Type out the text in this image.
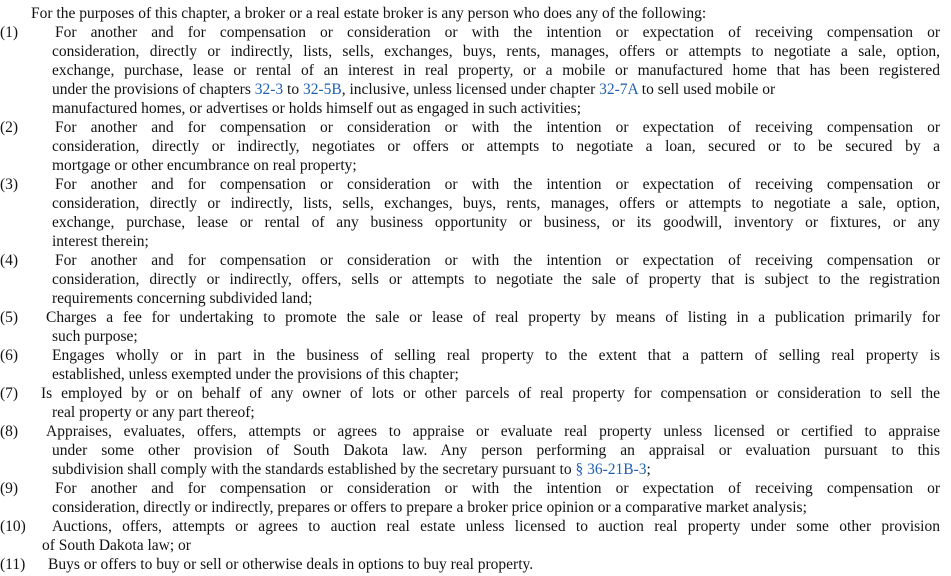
For the purposes of this chapter, a broker or a real estate broker is any person who does any of the following:
(1) For another and for compensation or consideration or with the intention or expectation of receiving compensation or
consideration, directly or indirectly, lists, sells, exchanges, buys, rents, manages, offers or attempts to negotiate a sale, option,
exchange, purchase, lease or rental of an interest in real property, or a mobile or manufactured home that has been registered
under the provisions of chapters 32-3 to 32-5B, inclusive, unless licensed under chapter 32-7A to sell used mobile or
manufactured homes, or advertises or holds himself out as engaged in such activities;
(2) For another and for compensation or consideration or with the intention or expectation of receiving compensation or
consideration, directly or indirectly, negotiates or offers or attempts to negotiate a loan, secured or to be secured by a
mortgage or other encumbrance on real property;
(3) For another and for compensation or consideration or with the intention or expectation of receiving compensation or
consideration, directly or indirectly, lists, sells, exchanges, buys, rents, manages, offers or attempts to negotiate a sale, option,
exchange, purchase, lease or rental of any business opportunity or business, or its goodwill, inventory or fixtures, or any
interest therein;
(4) For another and for compensation or consideration or with the intention or expectation of receiving compensation or
consideration, directly or indirectly, offers, sells or attempts to negotiate the sale of property that is subject to the registration
requirements concerning subdivided land;
(5) Charges a fee for undertaking to promote the sale or lease of real property by means of listing in a publication primarily for
such purpose;
(6) Engages wholly or in part in the business of selling real property to the extent that a pattern of selling real property is
established, unless exempted under the provisions of this chapter;
(7) Is employed by or on behalf of any owner of lots or other parcels of real property for compensation or consideration to sell the
real property or any part thereof;
(8) Appraises, evaluates, offers, attempts or agrees to appraise or evaluate real property unless licensed or certified to appraise
under some other provision of South Dakota law. Any person performing an appraisal or evaluation pursuant to this
subdivision shall comply with the standards established by the secretary pursuant to § 36-21B-3;
(9) For another and for compensation or consideration or with the intention or expectation of receiving compensation or
consideration, directly or indirectly, prepares or offers to prepare a broker price opinion or a comparative market analysis;
(10) Auctions, offers, attempts or agrees to auction real estate unless licensed to auction real property under some other provision
of South Dakota law; or
(11) Buys or offers to buy or sell or otherwise deals in options to buy real property.
